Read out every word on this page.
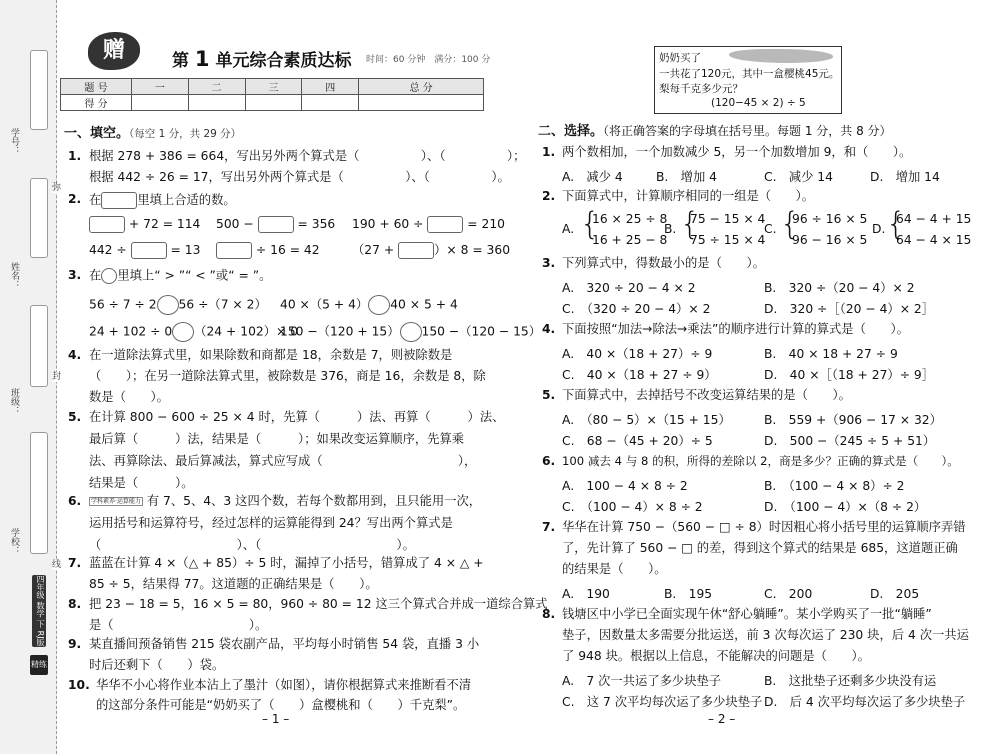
学号：
姓名：
班级：
学校：
弥
封
线
四年级 数学 下 RJ版
精练
赠	第 1 单元综合素质达标 时间：60 分钟　满分：100 分
题 号	一	二	三	四	总 分
得 分					
一、填空。（每空 1 分，共 29 分）
1. 根据 278 + 386 = 664，写出另外两个算式是（　　　　　）、（　　　　　）；
根据 442 ÷ 26 = 17，写出另外两个算式是（　　　　　）、（　　　　　）。
2. 在	里填上合适的数。
+ 72 = 114 500 −	= 356 190 + 60 ÷	= 210
442 ÷	= 13	÷ 16 = 42	（27 +	）× 8 = 360
3. 在 里填上“ > ”“ < ”或“ = ”。
56 ÷ 7 ÷ 2 56 ÷（7 × 2） 40 ×（5 + 4） 40 × 5 + 4
24 + 102 ÷ 0 （24 + 102）× 0
150 −（120 + 15） 150 −（120 − 15）
4. 在一道除法算式里，如果除数和商都是 18，余数是 7，则被除数是
（　　）；在另一道除法算式里，被除数是 376，商是 16，余数是 8，除
数是（　　）。
5. 在计算 800 − 600 ÷ 25 × 4 时，先算（　　　）法、再算（　　　）法、
最后算（　　　）法，结果是（　　　）；如果改变运算顺序，先算乘
法、再算除法、最后算减法，算式应写成（　　　　　　　　　　　），
结果是（　　　）。
6.	学科素养·运算能力 有 7、5、4、3 这四个数，若每个数都用到，且只能用一次，
运用括号和运算符号，经过怎样的运算能得到 24？写出两个算式是
（　　　　　　　　　　　）、（　　　　　　　　　　　）。
7. 蓝蓝在计算 4 ×（△ + 85）÷ 5 时，漏掉了小括号，错算成了 4 × △ +
85 ÷ 5，结果得 77。这道题的正确结果是（　　）。
8. 把 23 − 18 = 5，16 × 5 = 80，960 ÷ 80 = 12 这三个算式合并成一道综合算式
是（　　　　　　　　　　　）。
9. 某直播间预备销售 215 袋农副产品，平均每小时销售 54 袋，直播 3 小
时后还剩下（　　）袋。
10. 华华不小心将作业本沾上了墨汁（如图），请你根据算式来推断看不清
的这部分条件可能是“奶奶买了（　　）盒樱桃和（　　）千克梨”。
– 1 –
奶奶买了
一共花了120元，其中一盒樱桃45元。
梨每千克多少元？
(120−45 × 2) ÷ 5
二、选择。（将正确答案的字母填在括号里。每题 1 分，共 8 分）
1. 两个数相加，一个加数减少 5，另一个加数增加 9，和（　　）。
A.　减少 4	B.　增加 4	C.　减少 14	D.　增加 14
2. 下面算式中，计算顺序相同的一组是（　　）。
A. {
16 × 25 ÷ 8
16 + 25 − 8
B. {
75 − 15 × 4
75 ÷ 15 × 4
C. {
96 ÷ 16 × 5
96 − 16 × 5
D. {
64 − 4 + 15
64 − 4 × 15
3. 下列算式中，得数最小的是（　　）。
A.　320 ÷ 20 − 4 × 2	B.　320 ÷（20 − 4）× 2
C.　（320 ÷ 20 − 4）× 2	D.　320 ÷［（20 − 4）× 2］
4. 下面按照“加法→除法→乘法”的顺序进行计算的算式是（　　）。
A.　40 ×（18 + 27）÷ 9	B.　40 × 18 + 27 ÷ 9
C.　40 ×（18 + 27 ÷ 9）	D.　40 ×［（18 + 27）÷ 9］
5. 下面算式中，去掉括号不改变运算结果的是（　　）。
A.　（80 − 5）×（15 + 15）	B.　559 +（906 − 17 × 32）
C.　68 −（45 + 20）÷ 5	D.　500 −（245 ÷ 5 + 51）
6. 100 减去 4 与 8 的积，所得的差除以 2，商是多少？正确的算式是（　　）。
A.　100 − 4 × 8 ÷ 2	B.　（100 − 4 × 8）÷ 2
C.　（100 − 4）× 8 ÷ 2	D.　（100 − 4）×（8 ÷ 2）
7. 华华在计算 750 −（560 − □ ÷ 8）时因粗心将小括号里的运算顺序弄错
了，先计算了 560 − □ 的差，得到这个算式的结果是 685，这道题正确
的结果是（　　）。
A.　190	B.　195	C.　200	D.　205
8. 钱塘区中小学已全面实现午休“舒心躺睡”。某小学购买了一批“躺睡”
垫子，因数量太多需要分批运送，前 3 次每次运了 230 块，后 4 次一共运
了 948 块。根据以上信息，不能解决的问题是（　　）。
A.　7 次一共运了多少块垫子	B.　这批垫子还剩多少块没有运
C.　这 7 次平均每次运了多少块垫子 D.　后 4 次平均每次运了多少块垫子
– 2 –
